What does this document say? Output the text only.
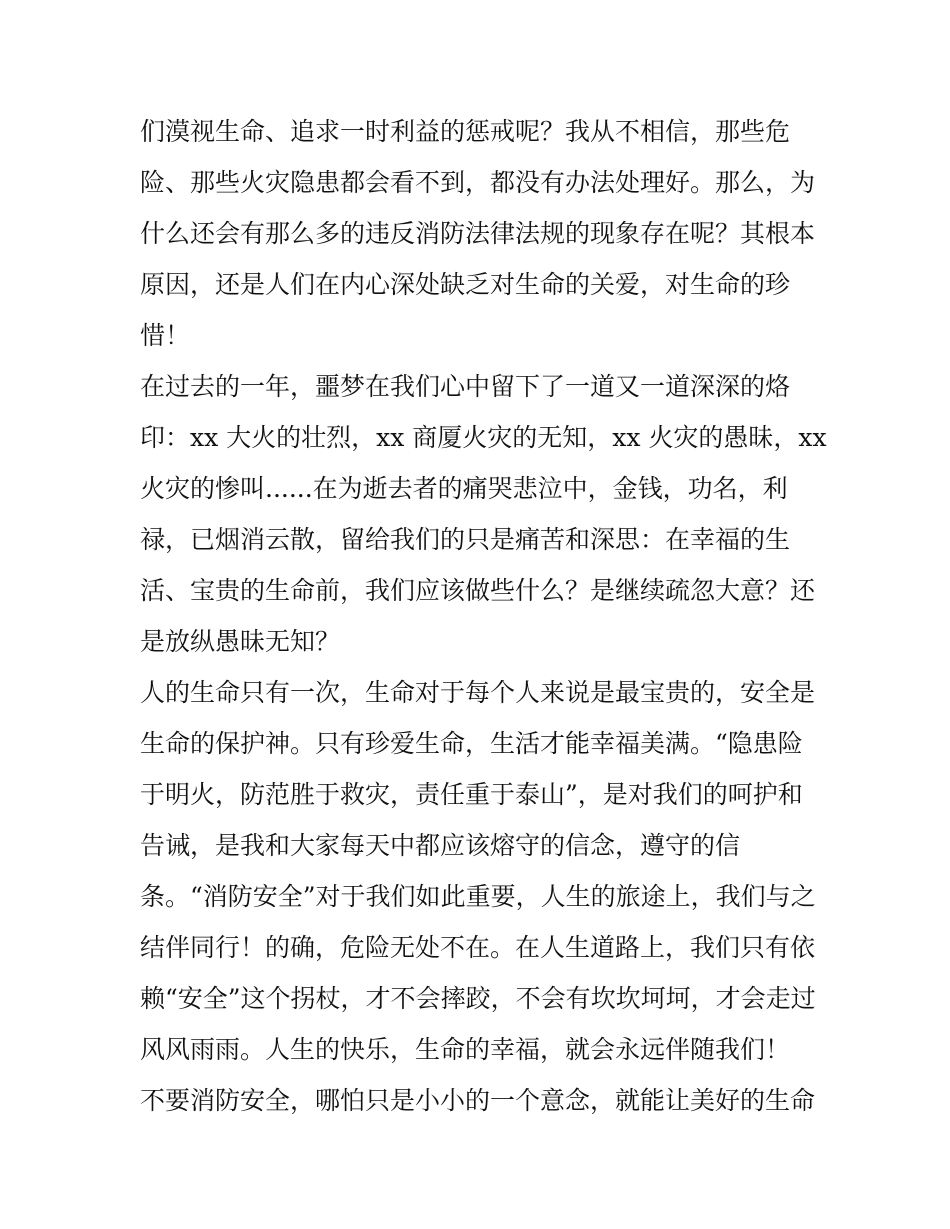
们漠视生命、追求一时利益的惩戒呢？我从不相信，那些危
险、那些火灾隐患都会看不到，都没有办法处理好。那么，为
什么还会有那么多的违反消防法律法规的现象存在呢？其根本
原因，还是人们在内心深处缺乏对生命的关爱，对生命的珍
惜！
在过去的一年，噩梦在我们心中留下了一道又一道深深的烙
印：xx 大火的壮烈，xx 商厦火灾的无知，xx 火灾的愚昧，xx
火灾的惨叫......在为逝去者的痛哭悲泣中，金钱，功名，利
禄，已烟消云散，留给我们的只是痛苦和深思：在幸福的生
活、宝贵的生命前，我们应该做些什么？是继续疏忽大意？还
是放纵愚昧无知？
人的生命只有一次，生命对于每个人来说是最宝贵的，安全是
生命的保护神。只有珍爱生命，生活才能幸福美满。“隐患险
于明火，防范胜于救灾，责任重于泰山”，是对我们的呵护和
告诫，是我和大家每天中都应该熔守的信念，遵守的信
条。“消防安全”对于我们如此重要，人生的旅途上，我们与之
结伴同行！的确，危险无处不在。在人生道路上，我们只有依
赖“安全”这个拐杖，才不会摔跤，不会有坎坎坷坷，才会走过
风风雨雨。人生的快乐，生命的幸福，就会永远伴随我们！
不要消防安全，哪怕只是小小的一个意念，就能让美好的生命
